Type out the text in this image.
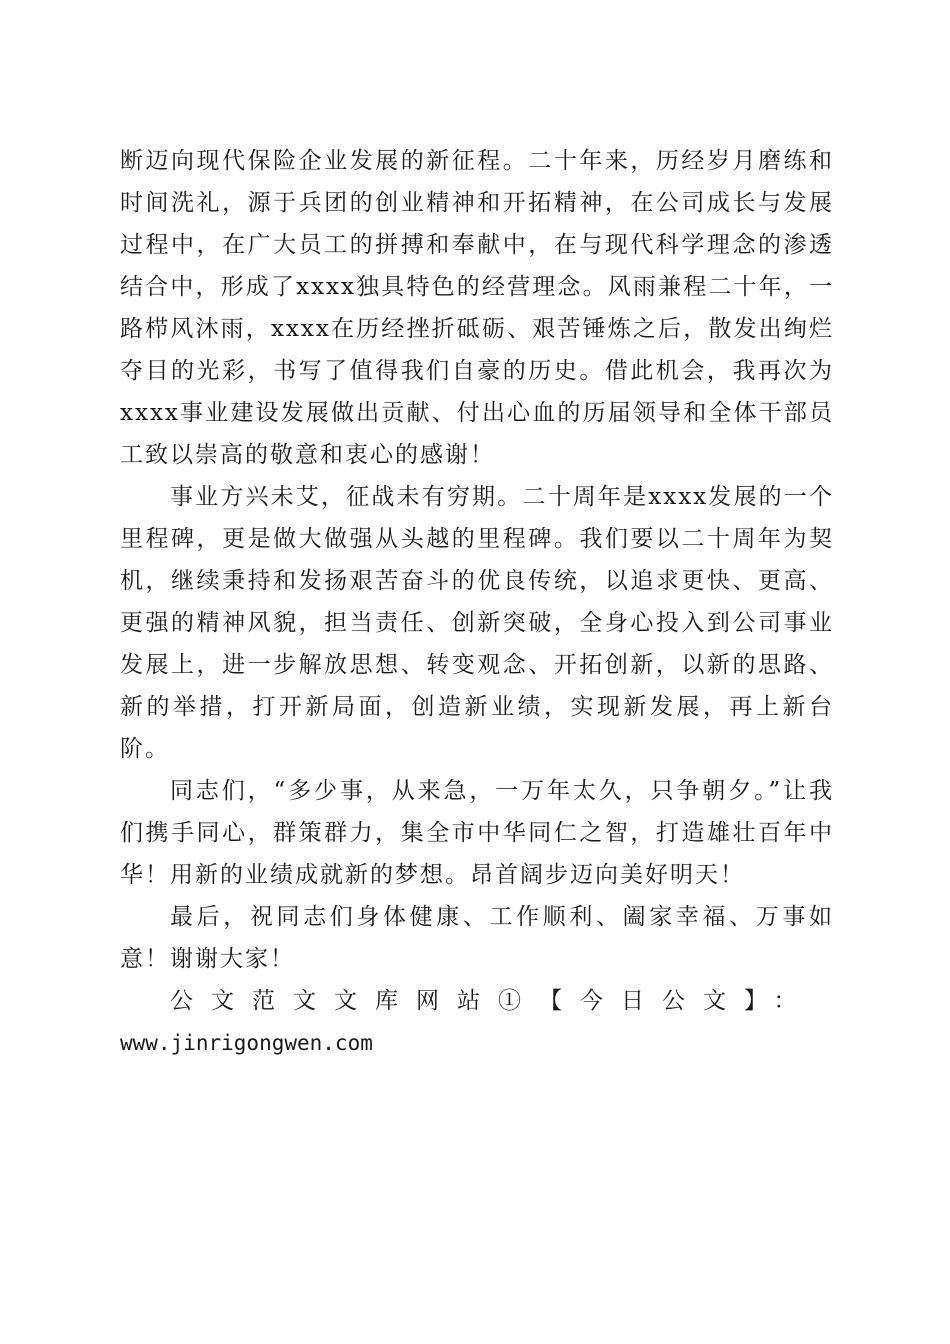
断迈向现代保险企业发展的新征程。二十年来，历经岁月磨练和时间洗礼，源于兵团的创业精神和开拓精神，在公司成长与发展过程中，在广大员工的拼搏和奉献中，在与现代科学理念的渗透结合中，形成了xxxx独具特色的经营理念。风雨兼程二十年，一路栉风沐雨，xxxx在历经挫折砥砺、艰苦锤炼之后，散发出绚烂夺目的光彩，书写了值得我们自豪的历史。借此机会，我再次为xxxx事业建设发展做出贡献、付出心血的历届领导和全体干部员工致以崇高的敬意和衷心的感谢！

事业方兴未艾，征战未有穷期。二十周年是xxxx发展的一个里程碑，更是做大做强从头越的里程碑。我们要以二十周年为契机，继续秉持和发扬艰苦奋斗的优良传统，以追求更快、更高、更强的精神风貌，担当责任、创新突破，全身心投入到公司事业发展上，进一步解放思想、转变观念、开拓创新，以新的思路、新的举措，打开新局面，创造新业绩，实现新发展，再上新台阶。

同志们，“多少事，从来急，一万年太久，只争朝夕。”让我们携手同心，群策群力，集全市中华同仁之智，打造雄壮百年中华！用新的业绩成就新的梦想。昂首阔步迈向美好明天！

最后，祝同志们身体健康、工作顺利、阖家幸福、万事如意！谢谢大家！

公文范文文库网站①【今日公文】：
www.jinrigongwen.com
